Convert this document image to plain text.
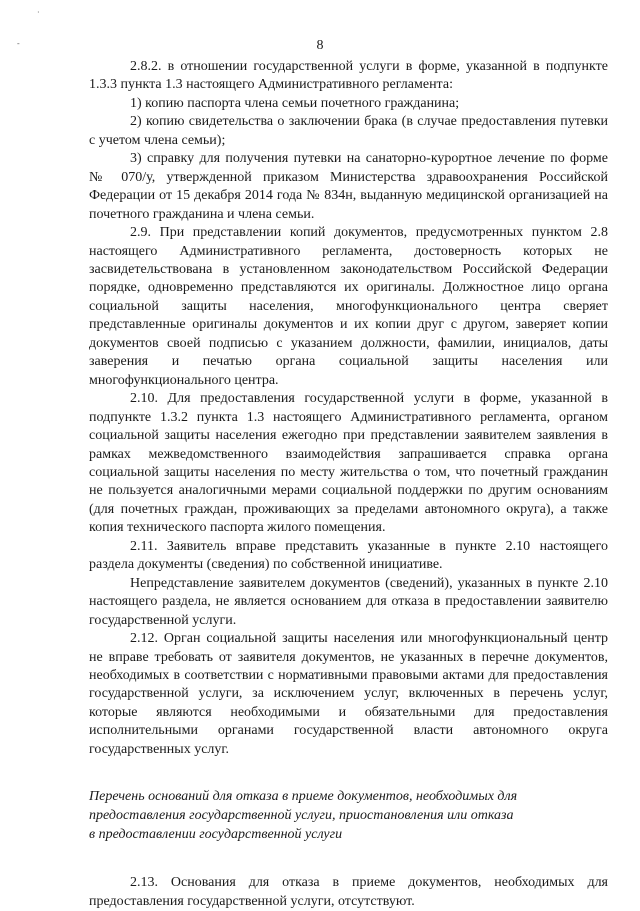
·
-	8

2.8.2. в отношении государственной услуги в форме, указанной в подпункте 1.3.3 пункта 1.3 настоящего Административного регламента:

1) копию паспорта члена семьи почетного гражданина;

2) копию свидетельства о заключении брака (в случае предоставления путевки с учетом члена семьи);

3) справку для получения путевки на санаторно-курортное лечение по форме № 070/у, утвержденной приказом Министерства здравоохранения Российской Федерации от 15 декабря 2014 года № 834н, выданную медицинской организацией на почетного гражданина и члена семьи.

2.9. При представлении копий документов, предусмотренных пунктом 2.8 настоящего Административного регламента, достоверность которых не засвидетельствована в установленном законодательством Российской Федерации порядке, одновременно представляются их оригиналы. Должностное лицо органа социальной защиты населения, многофункционального центра сверяет представленные оригиналы документов и их копии друг с другом, заверяет копии документов своей подписью с указанием должности, фамилии, инициалов, даты заверения и печатью органа социальной защиты населения или многофункционального центра.

2.10. Для предоставления государственной услуги в форме, указанной в подпункте 1.3.2 пункта 1.3 настоящего Административного регламента, органом социальной защиты населения ежегодно при представлении заявителем заявления в рамках межведомственного взаимодействия запрашивается справка органа социальной защиты населения по месту жительства о том, что почетный гражданин не пользуется аналогичными мерами социальной поддержки по другим основаниям (для почетных граждан, проживающих за пределами автономного округа), а также копия технического паспорта жилого помещения.

2.11. Заявитель вправе представить указанные в пункте 2.10 настоящего раздела документы (сведения) по собственной инициативе.

Непредставление заявителем документов (сведений), указанных в пункте 2.10 настоящего раздела, не является основанием для отказа в предоставлении заявителю государственной услуги.

2.12. Орган социальной защиты населения или многофункциональный центр не вправе требовать от заявителя документов, не указанных в перечне документов, необходимых в соответствии с нормативными правовыми актами для предоставления государственной услуги, за исключением услуг, включенных в перечень услуг, которые являются необходимыми и обязательными для предоставления исполнительными органами государственной власти автономного округа государственных услуг.

Перечень оснований для отказа в приеме документов, необходимых для
предоставления государственной услуги, приостановления или отказа
в предоставлении государственной услуги

2.13. Основания для отказа в приеме документов, необходимых для предоставления государственной услуги, отсутствуют.
